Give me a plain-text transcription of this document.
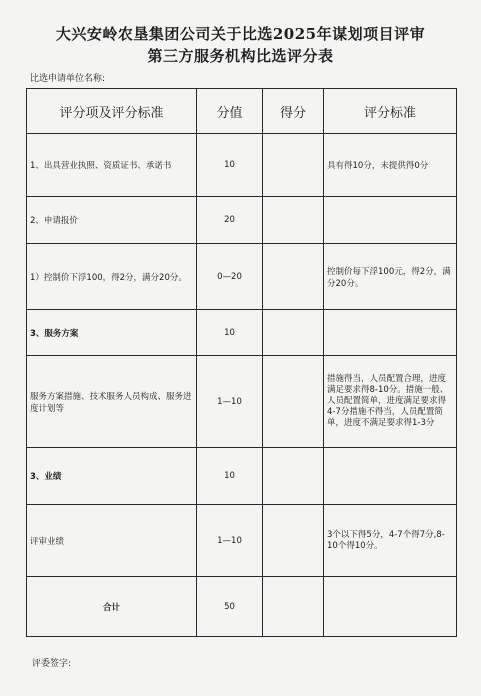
大兴安岭农垦集团公司关于比选2025年谋划项目评审
第三方服务机构比选评分表
比选申请单位名称:
评分项及评分标准	分值	得分	评分标准
1、出具营业执照、资质证书、承诺书	10		具有得10分，未提供得0分
2、申请报价	20		
1）控制价下浮100，得2分，满分20分。	0—20		控制价每下浮100元，得2分，满分20分。
3、服务方案	10		
服务方案措施、技术服务人员构成、服务进度计划等	1—10		措施得当，人员配置合理，进度满足要求得8-10分。措施一般、人员配置简单，进度满足要求得4-7分措施不得当，人员配置简单，进度不满足要求得1-3分
3、业绩	10		
评审业绩	1—10		3个以下得5分，4-7个得7分,8-10个得10分。
合计	50		
评委签字:
